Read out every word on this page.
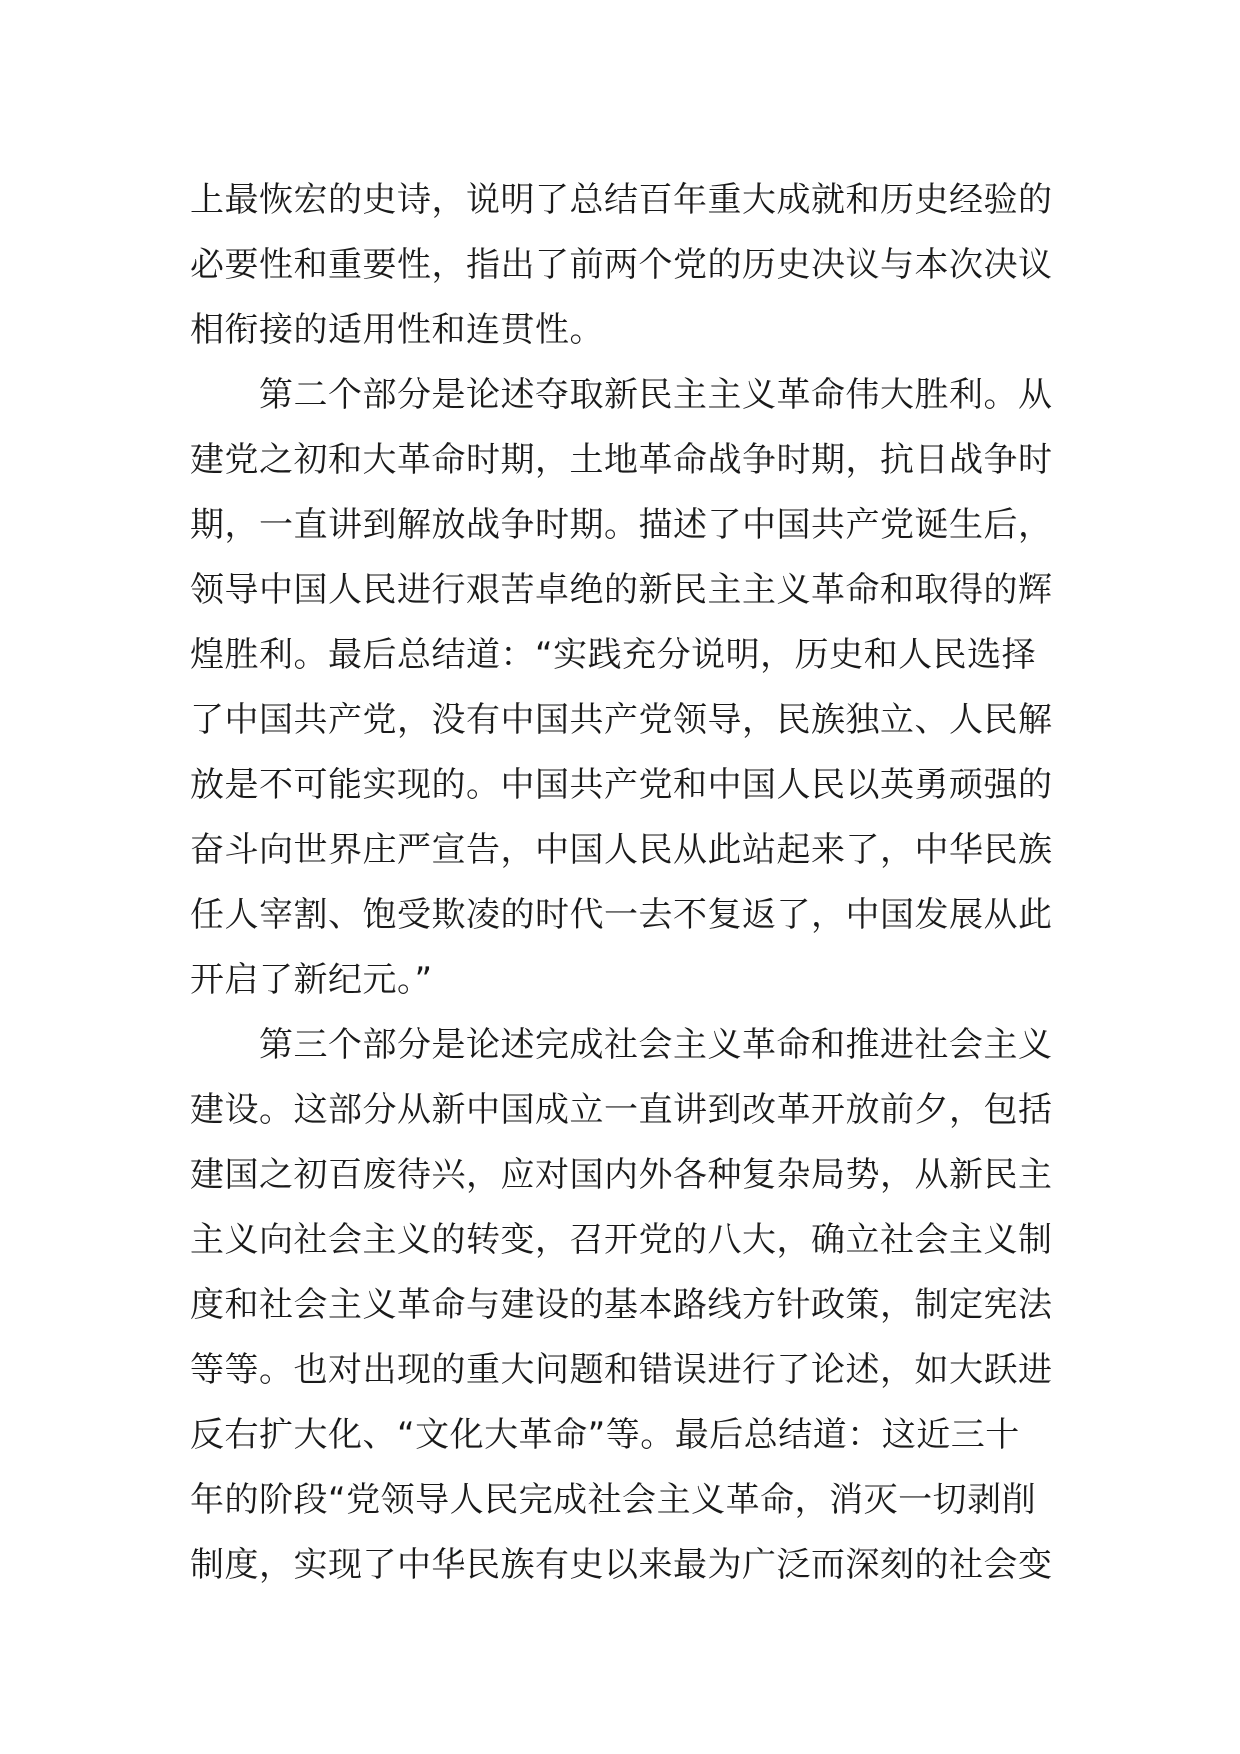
上最恢宏的史诗，说明了总结百年重大成就和历史经验的
必要性和重要性，指出了前两个党的历史决议与本次决议
相衔接的适用性和连贯性。
　　第二个部分是论述夺取新民主主义革命伟大胜利。从
建党之初和大革命时期，土地革命战争时期，抗日战争时
期，一直讲到解放战争时期。描述了中国共产党诞生后，
领导中国人民进行艰苦卓绝的新民主主义革命和取得的辉
煌胜利。最后总结道：“实践充分说明，历史和人民选择
了中国共产党，没有中国共产党领导，民族独立、人民解
放是不可能实现的。中国共产党和中国人民以英勇顽强的
奋斗向世界庄严宣告，中国人民从此站起来了，中华民族
任人宰割、饱受欺凌的时代一去不复返了，中国发展从此
开启了新纪元。”
　　第三个部分是论述完成社会主义革命和推进社会主义
建设。这部分从新中国成立一直讲到改革开放前夕，包括
建国之初百废待兴，应对国内外各种复杂局势，从新民主
主义向社会主义的转变，召开党的八大，确立社会主义制
度和社会主义革命与建设的基本路线方针政策，制定宪法
等等。也对出现的重大问题和错误进行了论述，如大跃进
反右扩大化、“文化大革命”等。最后总结道：这近三十
年的阶段“党领导人民完成社会主义革命，消灭一切剥削
制度，实现了中华民族有史以来最为广泛而深刻的社会变
